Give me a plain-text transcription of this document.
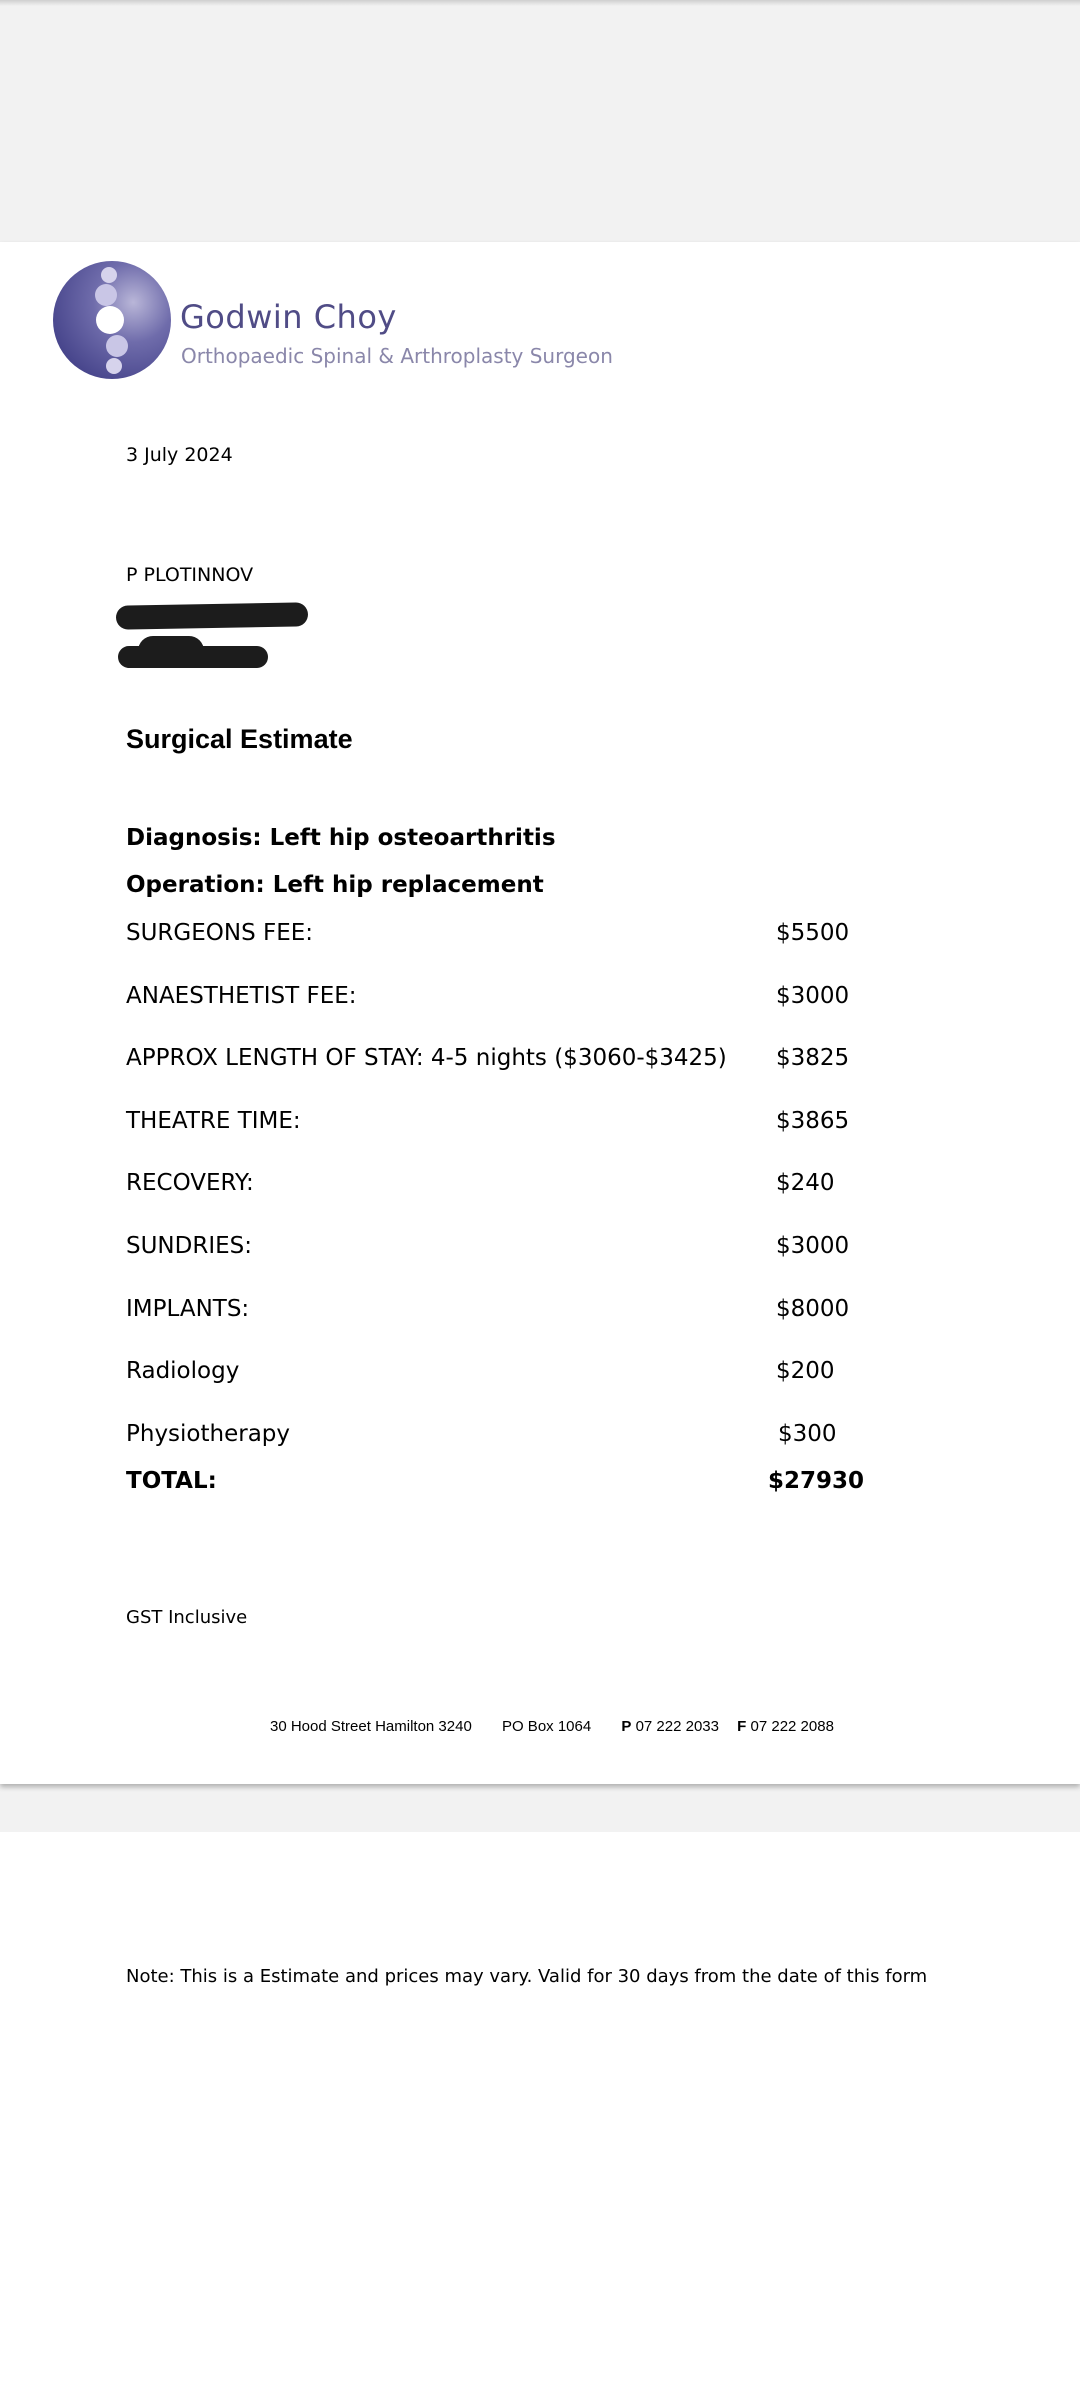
Godwin Choy
Orthopaedic Spinal & Arthroplasty Surgeon
3 July 2024
P PLOTINNOV
Surgical Estimate
Diagnosis: Left hip osteoarthritis
Operation: Left hip replacement
SURGEONS FEE:	$5500
ANAESTHETIST FEE:	$3000
APPROX LENGTH OF STAY: 4-5 nights ($3060-$3425) $3825
THEATRE TIME:	$3865
RECOVERY:	$240
SUNDRIES:	$3000
IMPLANTS:	$8000
Radiology	$200
Physiotherapy	$300
TOTAL:	$27930
GST Inclusive
30 Hood Street Hamilton 3240 PO Box 1064 P 07 222 2033 F 07 222 2088
Note: This is a Estimate and prices may vary. Valid for 30 days from the date of this form
